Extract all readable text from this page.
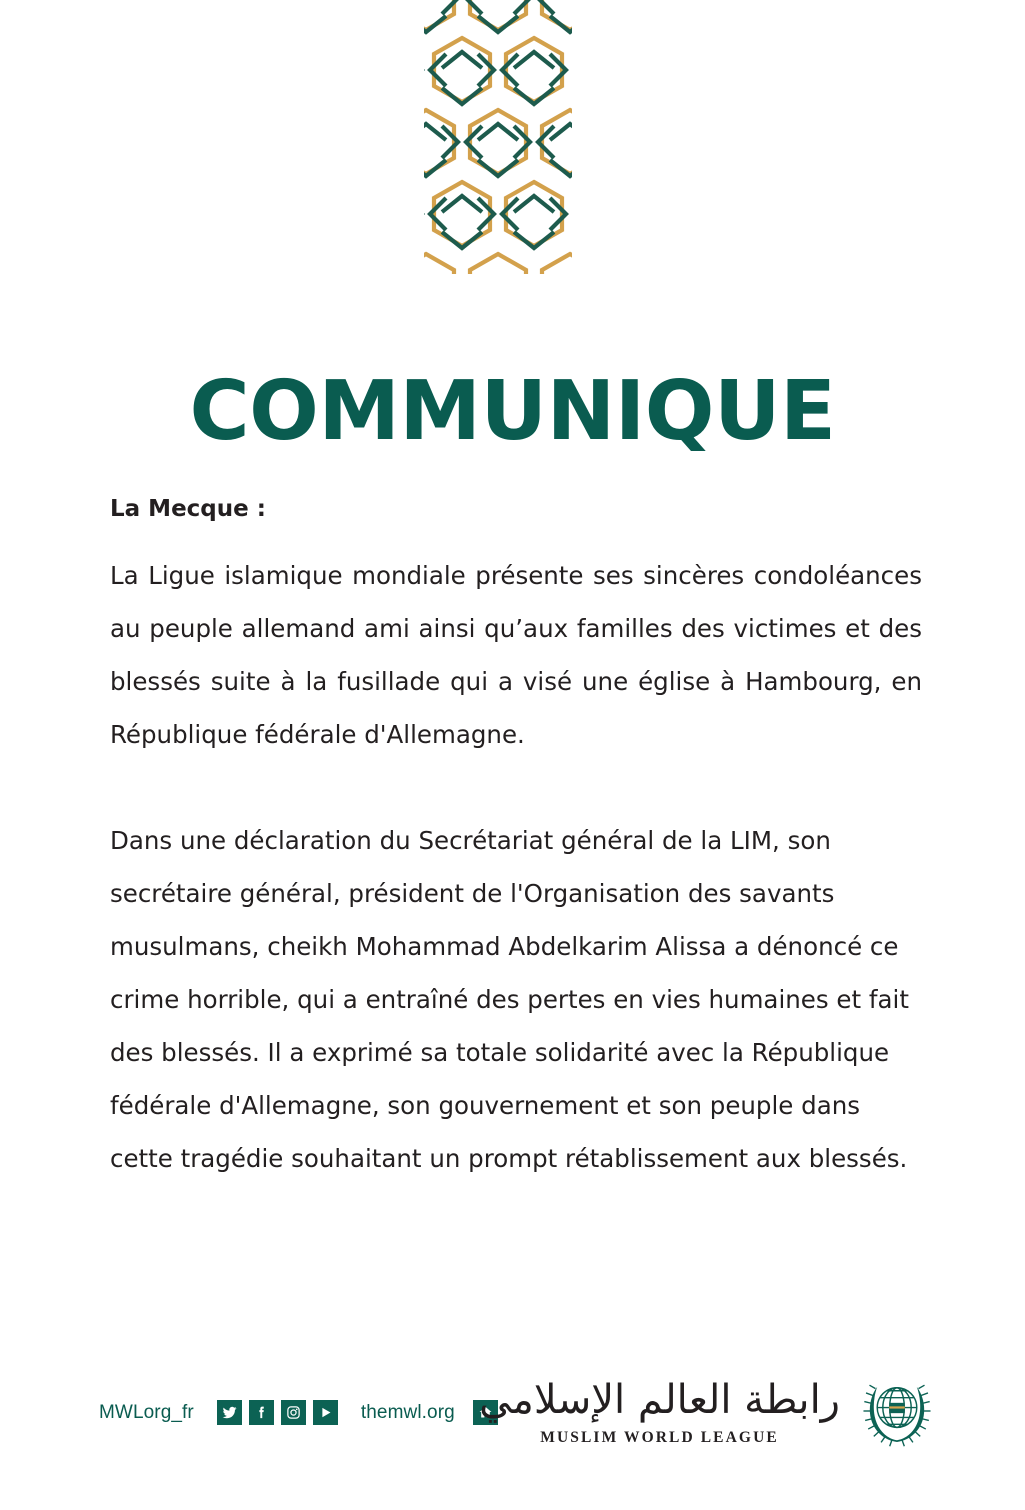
COMMUNIQUE

La Mecque :

La Ligue islamique mondiale présente ses sincères condoléances au peuple allemand ami ainsi qu’aux familles des victimes et des blessés suite à la fusillade qui a visé une église à Hambourg, en République fédérale d'Allemagne.

Dans une déclaration du Secrétariat général de la LIM, son secrétaire général, président de l'Organisation des savants musulmans, cheikh Mohammad Abdelkarim Alissa a dénoncé ce crime horrible, qui a entraîné des pertes en vies humaines et fait des blessés. Il a exprimé sa totale solidarité avec la République fédérale d'Allemagne, son gouvernement et son peuple dans cette tragédie souhaitant un prompt rétablissement aux blessés.

MWLorg_fr	themwl.org رابطة العالم الإسلامي
MUSLIM WORLD LEAGUE
